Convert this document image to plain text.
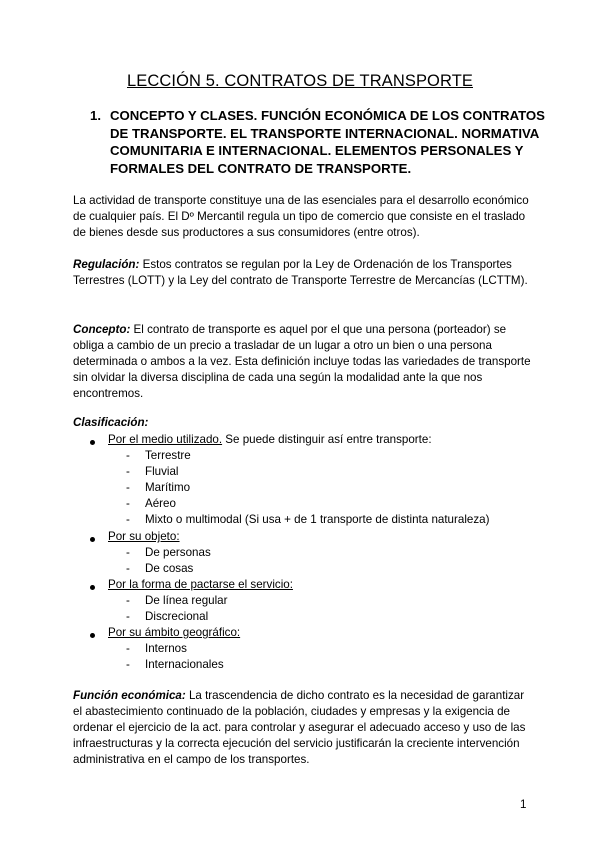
LECCIÓN 5. CONTRATOS DE TRANSPORTE
1. CONCEPTO Y CLASES. FUNCIÓN ECONÓMICA DE LOS CONTRATOS DE TRANSPORTE. EL TRANSPORTE INTERNACIONAL. NORMATIVA COMUNITARIA E INTERNACIONAL. ELEMENTOS PERSONALES Y FORMALES DEL CONTRATO DE TRANSPORTE.
La actividad de transporte constituye una de las esenciales para el desarrollo económico de cualquier país. El Dº Mercantil regula un tipo de comercio que consiste en el traslado de bienes desde sus productores a sus consumidores (entre otros).
Regulación: Estos contratos se regulan por la Ley de Ordenación de los Transportes Terrestres (LOTT) y la Ley del contrato de Transporte Terrestre de Mercancías (LCTTM).
Concepto: El contrato de transporte es aquel por el que una persona (porteador) se obliga a cambio de un precio a trasladar de un lugar a otro un bien o una persona determinada o ambos a la vez. Esta definición incluye todas las variedades de transporte sin olvidar la diversa disciplina de cada una según la modalidad ante la que nos encontremos.
Clasificación:
Por el medio utilizado. Se puede distinguir así entre transporte:
- Terrestre
- Fluvial
- Marítimo
- Aéreo
- Mixto o multimodal (Si usa + de 1 transporte de distinta naturaleza)
Por su objeto:
- De personas
- De cosas
Por la forma de pactarse el servicio:
- De línea regular
- Discrecional
Por su ámbito geográfico:
- Internos
- Internacionales
Función económica: La trascendencia de dicho contrato es la necesidad de garantizar el abastecimiento continuado de la población, ciudades y empresas y la exigencia de ordenar el ejercicio de la act. para controlar y asegurar el adecuado acceso y uso de las infraestructuras y la correcta ejecución del servicio justificarán la creciente intervención administrativa en el campo de los transportes.
1
